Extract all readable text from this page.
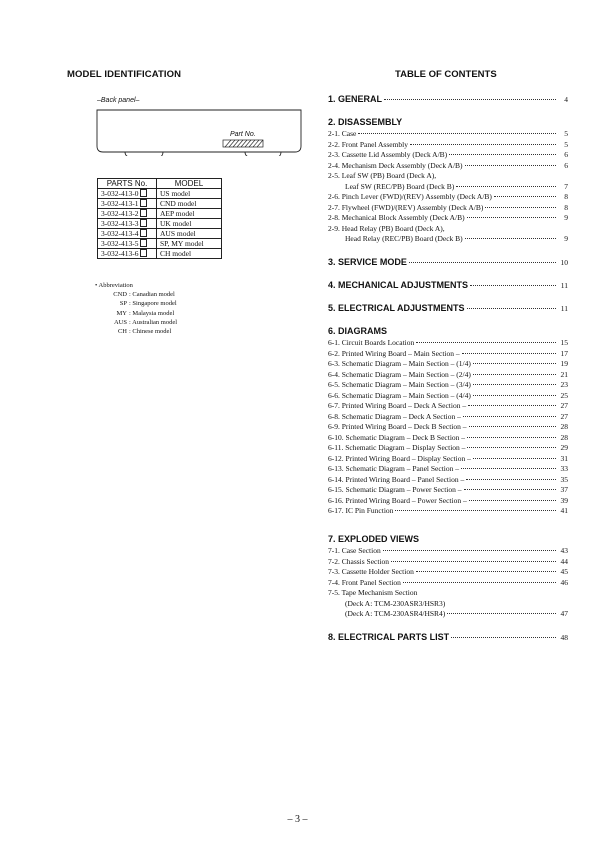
MODEL IDENTIFICATION
–Back panel–
Part No.
PARTS No.	MODEL
3-032-413-0	US model
3-032-413-1	CND model
3-032-413-2	AEP model
3-032-413-3	UK model
3-032-413-4	AUS model
3-032-413-5	SP, MY model
3-032-413-6	CH model
• Abbreviation
CND : Canadian model
SP : Singapore model
MY : Malaysia model
AUS : Australian model
CH : Chinese model
TABLE OF CONTENTS
1. GENERAL	4
2. DISASSEMBLY
2-1. Case	5
2-2. Front Panel Assembly	5
2-3. Cassette Lid Assembly (Deck A/B)	6
2-4. Mechanism Deck Assembly (Deck A/B)	6
2-5. Leaf SW (PB) Board (Deck A),
Leaf SW (REC/PB) Board (Deck B)	7
2-6. Pinch Lever (FWD)/(REV) Assembly (Deck A/B)	8
2-7. Flywheel (FWD)/(REV) Assembly (Deck A/B)	8
2-8. Mechanical Block Assembly (Deck A/B)	9
2-9. Head Relay (PB) Board (Deck A),
Head Relay (REC/PB) Board (Deck B)	9
3. SERVICE MODE	10
4. MECHANICAL ADJUSTMENTS	11
5. ELECTRICAL ADJUSTMENTS	11
6. DIAGRAMS
6-1. Circuit Boards Location	15
6-2. Printed Wiring Board – Main Section –	17
6-3. Schematic Diagram – Main Section – (1/4)	19
6-4. Schematic Diagram – Main Section – (2/4)	21
6-5. Schematic Diagram – Main Section – (3/4)	23
6-6. Schematic Diagram – Main Section – (4/4)	25
6-7. Printed Wiring Board – Deck A Section –	27
6-8. Schematic Diagram – Deck A Section –	27
6-9. Printed Wiring Board – Deck B Section –	28
6-10. Schematic Diagram – Deck B Section –	28
6-11. Schematic Diagram – Display Section –	29
6-12. Printed Wiring Board – Display Section –	31
6-13. Schematic Diagram – Panel Section –	33
6-14. Printed Wiring Board – Panel Section –	35
6-15. Schematic Diagram – Power Section –	37
6-16. Printed Wiring Board – Power Section –	39
6-17. IC Pin Function	41
7. EXPLODED VIEWS
7-1. Case Section	43
7-2. Chassis Section	44
7-3. Cassette Holder Section	45
7-4. Front Panel Section	46
7-5. Tape Mechanism Section
(Deck A: TCM-230ASR3/HSR3)
(Deck A: TCM-230ASR4/HSR4)	47
8. ELECTRICAL PARTS LIST	48
– 3 –
